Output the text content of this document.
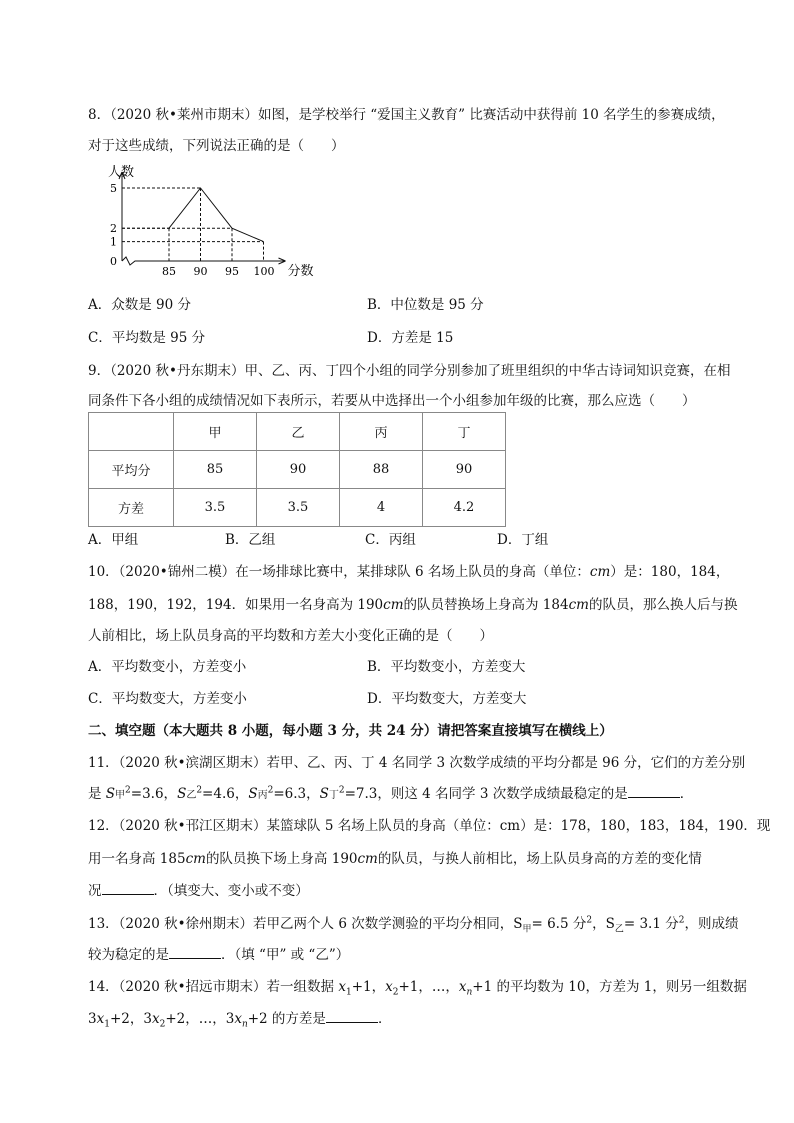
8．（2020 秋•莱州市期末）如图，是学校举行 “爱国主义教育” 比赛活动中获得前 10 名学生的参赛成绩，
对于这些成绩，下列说法正确的是（　　）
人数
分数
5
2
1
0
85 90 95 100
A．众数是 90 分	B．中位数是 95 分
C．平均数是 95 分	D．方差是 15
9．（2020 秋•丹东期末）甲、乙、丙、丁四个小组的同学分别参加了班里组织的中华古诗词知识竞赛，在相
同条件下各小组的成绩情况如下表所示，若要从中选择出一个小组参加年级的比赛，那么应选（　　）
	甲	乙	丙	丁
平均分	85	90	88	90
方差	3.5	3.5	4	4.2
A．甲组	B．乙组	C．丙组	D．丁组
10．（2020•锦州二模）在一场排球比赛中，某排球队 6 名场上队员的身高（单位：cm）是：180，184，
188，190，192，194．如果用一名身高为 190cm的队员替换场上身高为 184cm的队员，那么换人后与换
人前相比，场上队员身高的平均数和方差大小变化正确的是（　　）
A．平均数变小，方差变小	B．平均数变小，方差变大
C．平均数变大，方差变小	D．平均数变大，方差变大
二、填空题（本大题共 8 小题，每小题 3 分，共 24 分）请把答案直接填写在横线上）
11．（2020 秋•滨湖区期末）若甲、乙、丙、丁 4 名同学 3 次数学成绩的平均分都是 96 分，它们的方差分别
是 S甲$^2$=3.6，S乙$^2$=4.6，S丙$^2$=6.3，S丁$^2$=7.3，则这 4 名同学 3 次数学成绩最稳定的是	．
12．（2020 秋•邗江区期末）某篮球队 5 名场上队员的身高（单位：cm）是：178，180，183，184，190．现
用一名身高 185cm的队员换下场上身高 190cm的队员，与换人前相比，场上队员身高的方差的变化情
况	．（填变大、变小或不变）
13．（2020 秋•徐州期末）若甲乙两个人 6 次数学测验的平均分相同，$S_甲= 6.5$ 分$^2$，$S_乙= 3.1$ 分$^2$，则成绩
较为稳定的是	．（填 “甲” 或 “乙”）
14．（2020 秋•招远市期末）若一组数据 $x_1+1$，$x_2+1$，…，$x_n+1$ 的平均数为 10，方差为 1，则另一组数据
$3x_1+2$，$3x_2+2$，…，$3x_n+2$ 的方差是	．
